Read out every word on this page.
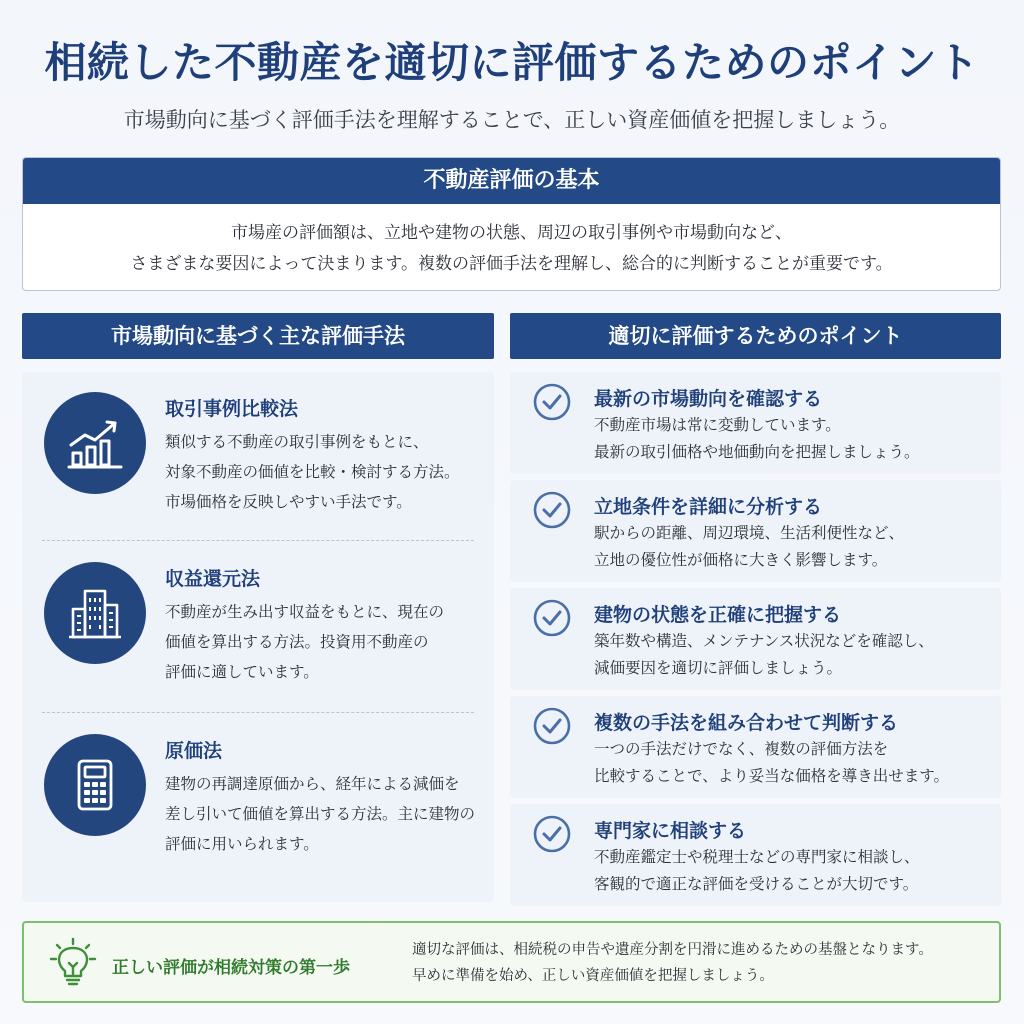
相続した不動産を適切に評価するためのポイント
市場動向に基づく評価手法を理解することで、正しい資産価値を把握しましょう。
不動産評価の基本
市場産の評価額は、立地や建物の状態、周辺の取引事例や市場動向など、
さまざまな要因によって決まります。複数の評価手法を理解し、総合的に判断することが重要です。
市場動向に基づく主な評価手法	適切に評価するためのポイント
取引事例比較法
類似する不動産の取引事例をもとに、
対象不動産の価値を比較・検討する方法。
市場価格を反映しやすい手法です。
収益還元法
不動産が生み出す収益をもとに、現在の
価値を算出する方法。投資用不動産の
評価に適しています。
原価法
建物の再調達原価から、経年による減価を
差し引いて価値を算出する方法。主に建物の
評価に用いられます。
最新の市場動向を確認する
不動産市場は常に変動しています。
最新の取引価格や地価動向を把握しましょう。
立地条件を詳細に分析する
駅からの距離、周辺環境、生活利便性など、
立地の優位性が価格に大きく影響します。
建物の状態を正確に把握する
築年数や構造、メンテナンス状況などを確認し、
減価要因を適切に評価しましょう。
複数の手法を組み合わせて判断する
一つの手法だけでなく、複数の評価方法を
比較することで、より妥当な価格を導き出せます。
専門家に相談する
不動産鑑定士や税理士などの専門家に相談し、
客観的で適正な評価を受けることが大切です。
正しい評価が相続対策の第一歩
適切な評価は、相続税の申告や遺産分割を円滑に進めるための基盤となります。
早めに準備を始め、正しい資産価値を把握しましょう。
